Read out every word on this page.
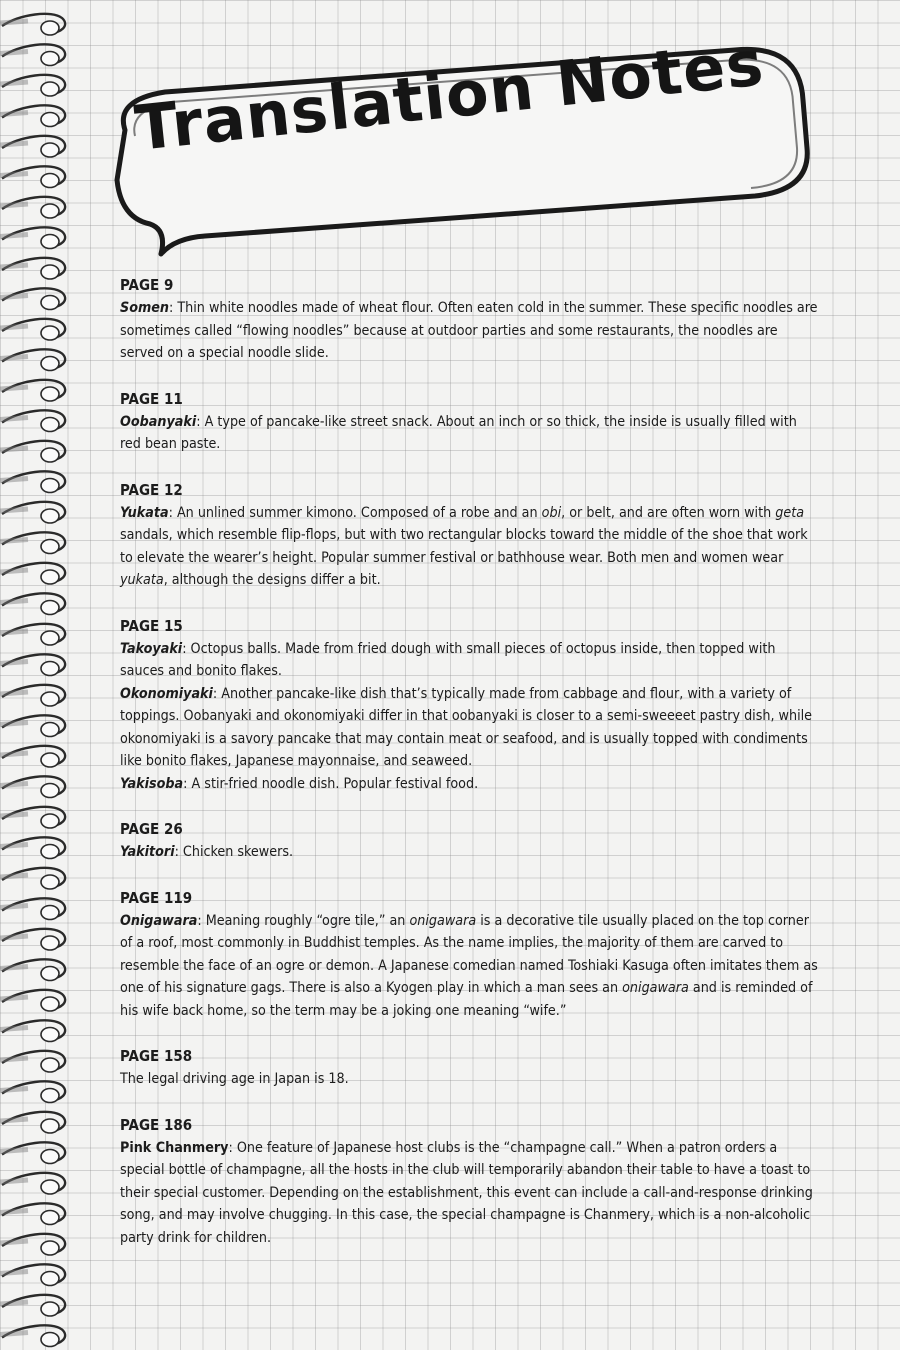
Translation Notes
PAGE 9
Somen: Thin white noodles made of wheat flour. Often eaten cold in the summer. These specific noodles are sometimes called “flowing noodles” because at outdoor parties and some restaurants, the noodles are served on a special noodle slide.
PAGE 11
Oobanyaki: A type of pancake-like street snack. About an inch or so thick, the inside is usually filled with red bean paste.
PAGE 12
Yukata: An unlined summer kimono. Composed of a robe and an obi, or belt, and are often worn with geta sandals, which resemble flip-flops, but with two rectangular blocks toward the middle of the shoe that work to elevate the wearer’s height. Popular summer festival or bathhouse wear. Both men and women wear yukata, although the designs differ a bit.
PAGE 15
Takoyaki: Octopus balls. Made from fried dough with small pieces of octopus inside, then topped with sauces and bonito flakes.
Okonomiyaki: Another pancake-like dish that’s typically made from cabbage and flour, with a variety of toppings. Oobanyaki and okonomiyaki differ in that oobanyaki is closer to a semi-sweeeet pastry dish, while okonomiyaki is a savory pancake that may contain meat or seafood, and is usually topped with condiments like bonito flakes, Japanese mayonnaise, and seaweed.
Yakisoba: A stir-fried noodle dish. Popular festival food.
PAGE 26
Yakitori: Chicken skewers.
PAGE 119
Onigawara: Meaning roughly “ogre tile,” an onigawara is a decorative tile usually placed on the top corner of a roof, most commonly in Buddhist temples. As the name implies, the majority of them are carved to resemble the face of an ogre or demon. A Japanese comedian named Toshiaki Kasuga often imitates them as one of his signature gags. There is also a Kyogen play in which a man sees an onigawara and is reminded of his wife back home, so the term may be a joking one meaning “wife.”
PAGE 158
The legal driving age in Japan is 18.
PAGE 186
Pink Chanmery: One feature of Japanese host clubs is the “champagne call.” When a patron orders a special bottle of champagne, all the hosts in the club will temporarily abandon their table to have a toast to their special customer. Depending on the establishment, this event can include a call-and-response drinking song, and may involve chugging. In this case, the special champagne is Chanmery, which is a non-alcoholic party drink for children.
